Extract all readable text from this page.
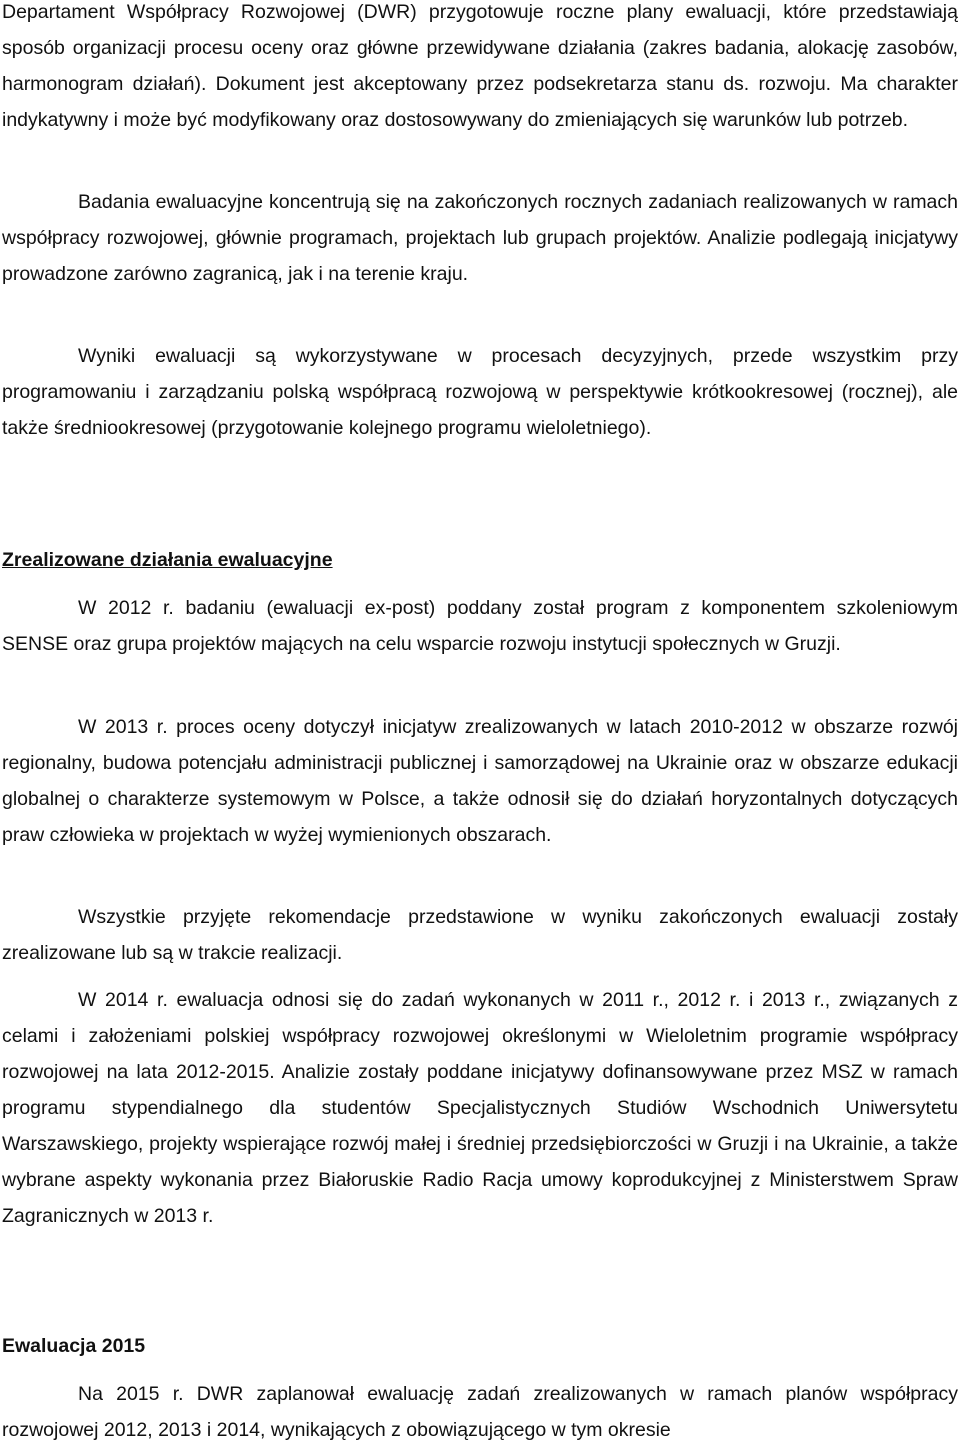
Departament Współpracy Rozwojowej (DWR) przygotowuje roczne plany ewaluacji, które przedstawiają sposób organizacji procesu oceny oraz główne przewidywane działania (zakres badania, alokację zasobów, harmonogram działań). Dokument jest akceptowany przez podsekretarza stanu ds. rozwoju. Ma charakter indykatywny i może być modyfikowany oraz dostosowywany do zmieniających się warunków lub potrzeb.

Badania ewaluacyjne koncentrują się na zakończonych rocznych zadaniach realizowanych w ramach współpracy rozwojowej, głównie programach, projektach lub grupach projektów. Analizie podlegają inicjatywy prowadzone zarówno zagranicą, jak i na terenie kraju.

Wyniki ewaluacji są wykorzystywane w procesach decyzyjnych, przede wszystkim przy programowaniu i zarządzaniu polską współpracą rozwojową w perspektywie krótkookresowej (rocznej), ale także średniookresowej (przygotowanie kolejnego programu wieloletniego).

Zrealizowane działania ewaluacyjne

W 2012 r. badaniu (ewaluacji ex-post) poddany został program z komponentem szkoleniowym SENSE oraz grupa projektów mających na celu wsparcie rozwoju instytucji społecznych w Gruzji.

W 2013 r. proces oceny dotyczył inicjatyw zrealizowanych w latach 2010-2012 w obszarze rozwój regionalny, budowa potencjału administracji publicznej i samorządowej na Ukrainie oraz w obszarze edukacji globalnej o charakterze systemowym w Polsce, a także odnosił się do działań horyzontalnych dotyczących praw człowieka w projektach w wyżej wymienionych obszarach.

Wszystkie przyjęte rekomendacje przedstawione w wyniku zakończonych ewaluacji zostały zrealizowane lub są w trakcie realizacji.

W 2014 r. ewaluacja odnosi się do zadań wykonanych w 2011 r., 2012 r. i 2013 r., związanych z celami i założeniami polskiej współpracy rozwojowej określonymi w Wieloletnim programie współpracy rozwojowej na lata 2012-2015. Analizie zostały poddane inicjatywy dofinansowywane przez MSZ w ramach programu stypendialnego dla studentów Specjalistycznych Studiów Wschodnich Uniwersytetu Warszawskiego, projekty wspierające rozwój małej i średniej przedsiębiorczości w Gruzji i na Ukrainie, a także wybrane aspekty wykonania przez Białoruskie Radio Racja umowy koprodukcyjnej z Ministerstwem Spraw Zagranicznych w 2013 r.

Ewaluacja 2015

Na 2015 r. DWR zaplanował ewaluację zadań zrealizowanych w ramach planów współpracy rozwojowej 2012, 2013 i 2014, wynikających z obowiązującego w tym okresie
